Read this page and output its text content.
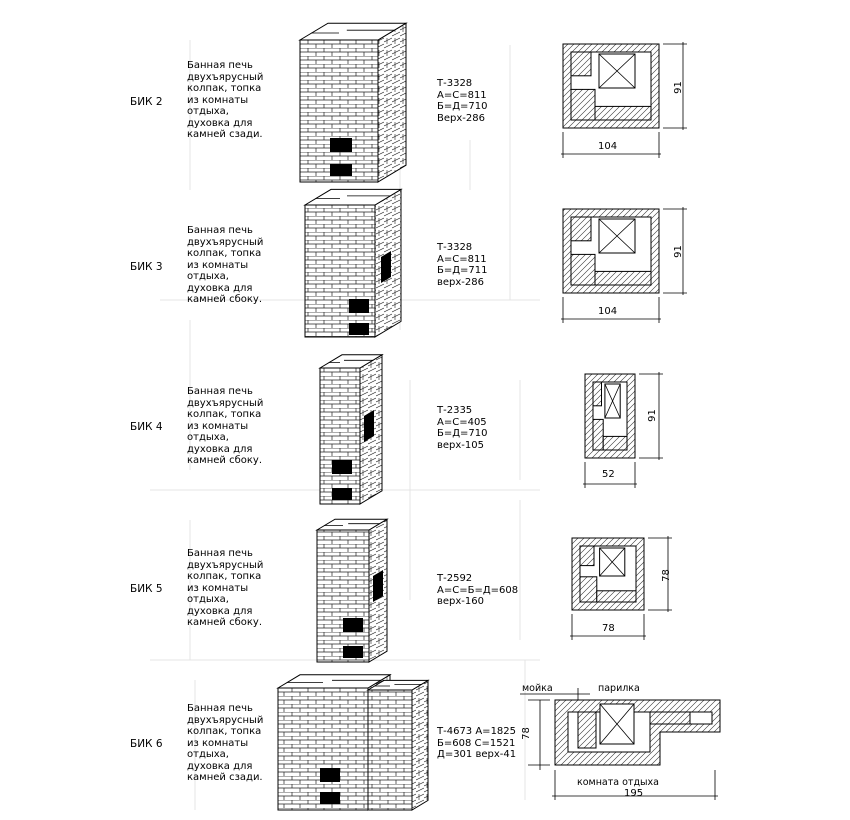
БИК 2
Банная печь
двухъярусный
колпак, топка
из комнаты
отдыха,
духовка для
камней сзади.
Т-3328
А=С=811
Б=Д=710
Верх-286
104
91
БИК 3
Банная печь
двухъярусный
колпак, топка
из комнаты
отдыха,
духовка для
камней сбоку.
Т-3328
А=С=811
Б=Д=711
верх-286
104
91
БИК 4
Банная печь
двухъярусный
колпак, топка
из комнаты
отдыха,
духовка для
камней сбоку.
Т-2335
А=С=405
Б=Д=710
верх-105
52
91
БИК 5
Банная печь
двухъярусный
колпак, топка
из комнаты
отдыха,
духовка для
камней сбоку.
Т-2592
А=С=Б=Д=608
верх-160
78
78
БИК 6
Банная печь
двухъярусный
колпак, топка
из комнаты
отдыха,
духовка для
камней сзади.
Т-4673 А=1825
Б=608 С=1521
Д=301 верх-41
195
78
мойка	парилка
комната отдыха
